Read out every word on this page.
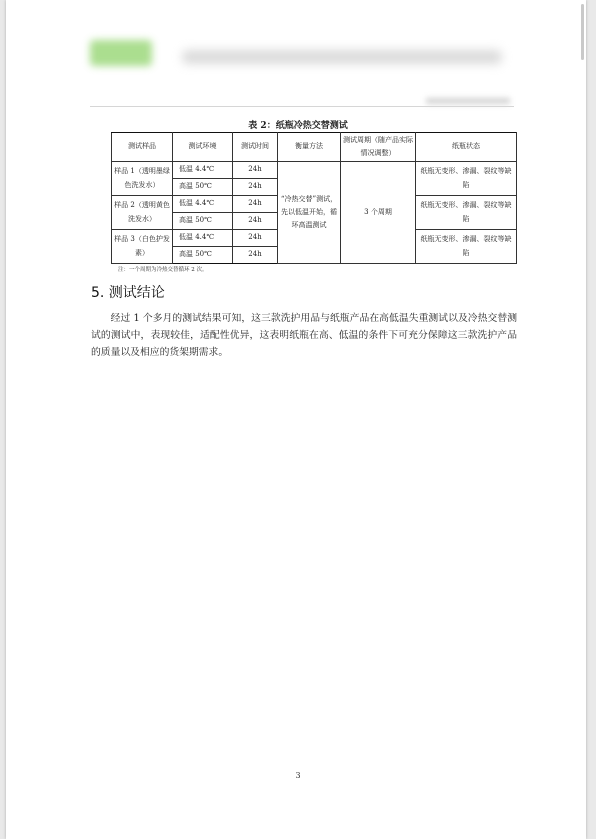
表 2：纸瓶冷热交替测试
测试样品	测试环境	测试时间	衡量方法	测试周期（随产品实际情况调整）	纸瓶状态
样品 1（透明墨绿色洗发水）	低温 4.4℃	24h	“冷热交替”测试，先以低温开始，循环高温测试	3 个周期	纸瓶无变形、渗漏、裂纹等缺陷
	高温 50℃	24h			
样品 2（透明黄色洗发水）	低温 4.4℃	24h			纸瓶无变形、渗漏、裂纹等缺陷
	高温 50℃	24h			
样品 3（白色护发素）	低温 4.4℃	24h			纸瓶无变形、渗漏、裂纹等缺陷
	高温 50℃	24h			
注：一个周期为冷热交替循环 2 次。
5. 测试结论

经过 1 个多月的测试结果可知，这三款洗护用品与纸瓶产品在高低温失重测试以及冷热交替测试的测试中，表现较佳，适配性优异，这表明纸瓶在高、低温的条件下可充分保障这三款洗护产品的质量以及相应的货架期需求。

3
